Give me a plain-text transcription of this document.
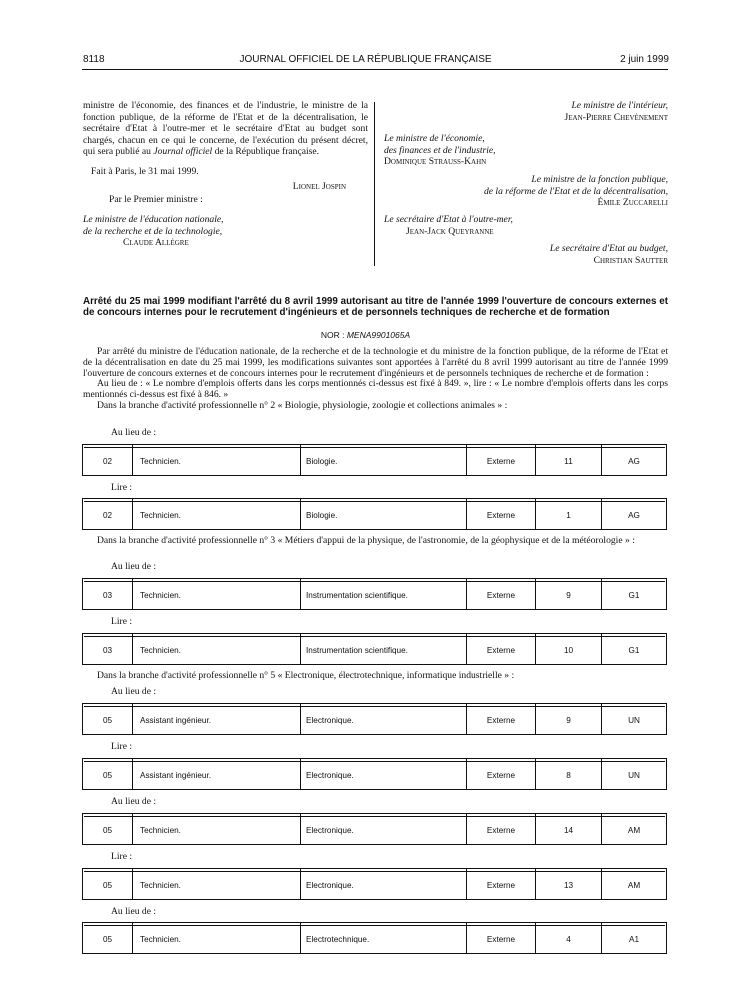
8118	JOURNAL OFFICIEL DE LA RÉPUBLIQUE FRANÇAISE	2 juin 1999

ministre de l'économie, des finances et de l'industrie, le ministre de la fonction publique, de la réforme de l'Etat et de la décentralisation, le secrétaire d'Etat à l'outre-mer et le secrétaire d'Etat au budget sont chargés, chacun en ce qui le concerne, de l'exécution du présent décret, qui sera publié au Journal officiel de la République française.

Fait à Paris, le 31 mai 1999.
Lionel Jospin
Par le Premier ministre :
Le ministre de l'éducation nationale,
de la recherche et de la technologie,
Claude Allègre
Le ministre de l'intérieur,
Jean-Pierre Chevènement
Le ministre de l'économie,
des finances et de l'industrie,
Dominique Strauss-Kahn
Le ministre de la fonction publique,
de la réforme de l'Etat et de la décentralisation,
Émile Zuccarelli
Le secrétaire d'Etat à l'outre-mer,
Jean-Jack Queyranne
Le secrétaire d'Etat au budget,
Christian Sautter
Arrêté du 25 mai 1999 modifiant l'arrêté du 8 avril 1999 autorisant au titre de l'année 1999 l'ouverture de concours externes et de concours internes pour le recrutement d'ingénieurs et de personnels techniques de recherche et de formation
NOR : MENA9901065A

Par arrêté du ministre de l'éducation nationale, de la recherche et de la technologie et du ministre de la fonction publique, de la réforme de l'Etat et de la décentralisation en date du 25 mai 1999, les modifications suivantes sont apportées à l'arrêté du 8 avril 1999 autorisant au titre de l'année 1999 l'ouverture de concours externes et de concours internes pour le recrutement d'ingénieurs et de personnels techniques de recherche et de formation :

Au lieu de : « Le nombre d'emplois offerts dans les corps mentionnés ci-dessus est fixé à 849. », lire : « Le nombre d'emplois offerts dans les corps mentionnés ci-dessus est fixé à 846. »

Dans la branche d'activité professionnelle n° 2 « Biologie, physiologie, zoologie et collections animales » :

Au lieu de :
Lire :
Dans la branche d'activité professionnelle n° 3 « Métiers d'appui de la physique, de l'astronomie, de la géophysique et de la météorologie » :
Au lieu de :
Lire :
Dans la branche d'activité professionnelle n° 5 « Electronique, électrotechnique, informatique industrielle » :
Au lieu de :
Lire :
Au lieu de :
Lire :
Au lieu de :
02	Technicien.	Biologie.	Externe	11	AG
02	Technicien.	Biologie.	Externe	1	AG
03	Technicien.	Instrumentation scientifique.	Externe	9	G1
03	Technicien.	Instrumentation scientifique.	Externe	10	G1
05	Assistant ingénieur.	Electronique.	Externe	9	UN
05	Assistant ingénieur.	Electronique.	Externe	8	UN
05	Technicien.	Electronique.	Externe	14	AM
05	Technicien.	Electronique.	Externe	13	AM
05	Technicien.	Electrotechnique.	Externe	4	A1
